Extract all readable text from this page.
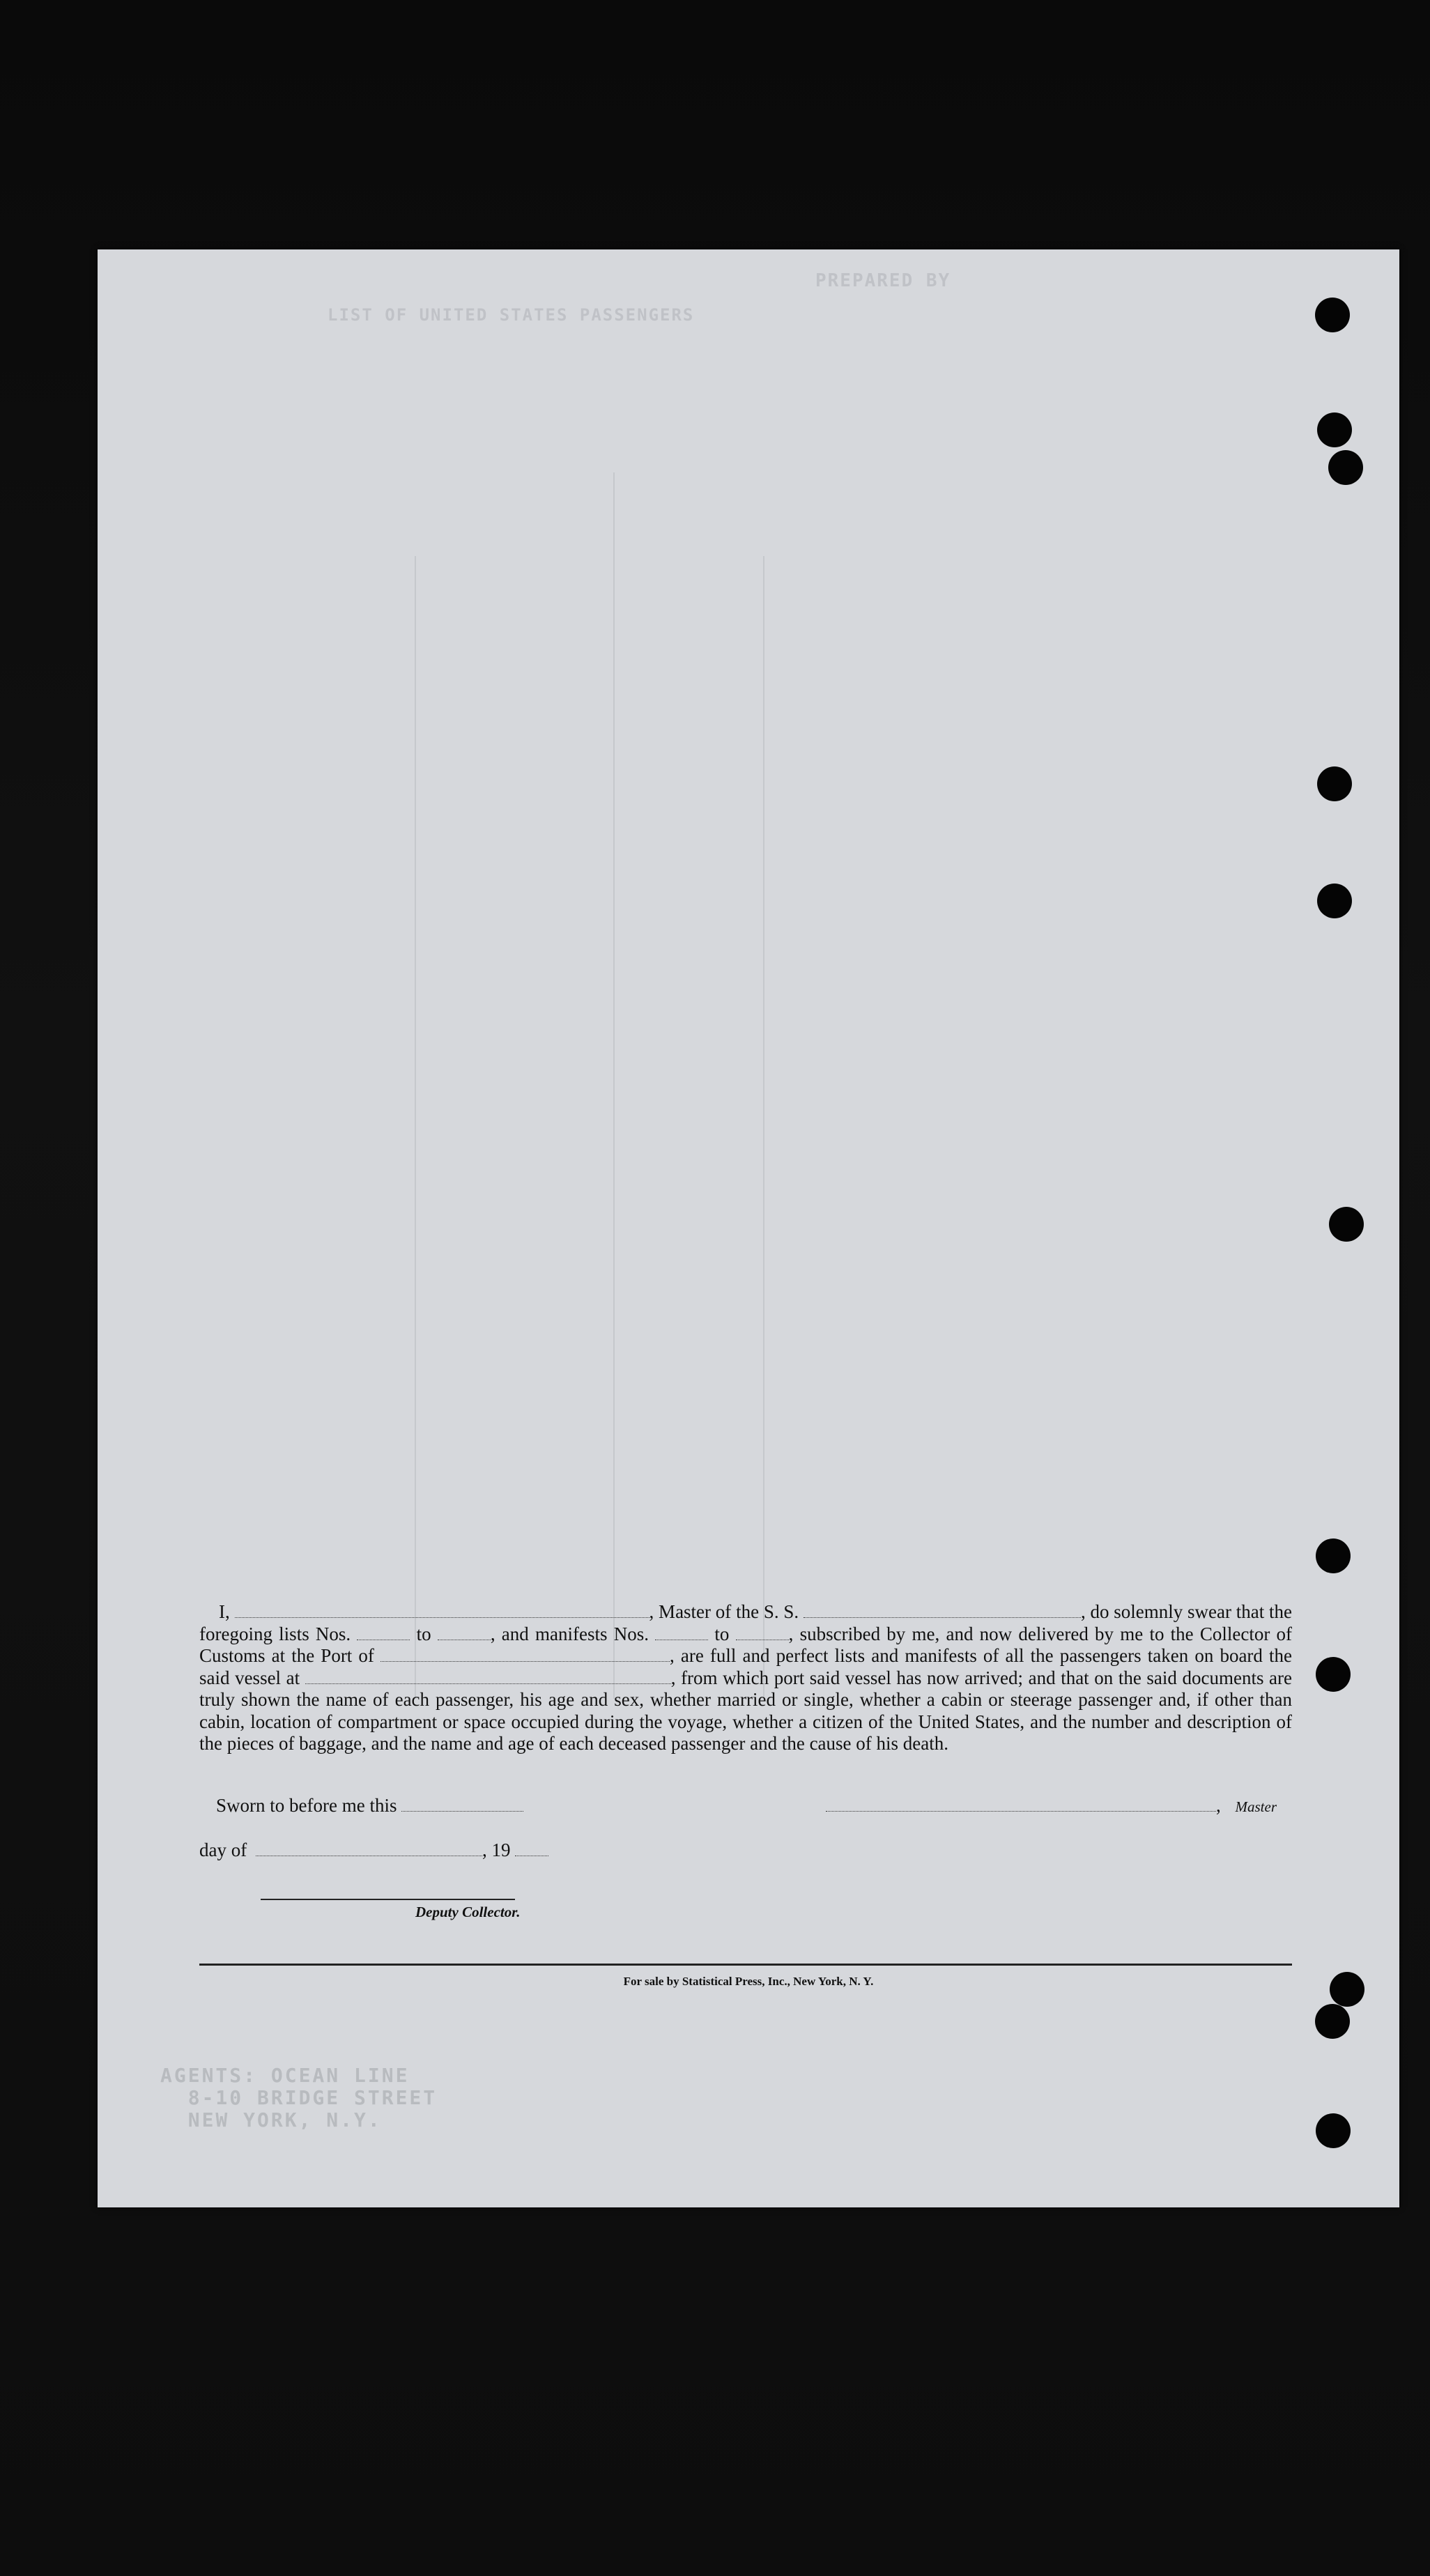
PREPARED BY
LIST OF UNITED STATES PASSENGERS
I,	, Master of the S. S.	, do solemnly swear that the foregoing lists Nos.	to	, and manifests Nos.	to	, subscribed by me, and now delivered by me to the Collector of Customs at the Port of	, are full and perfect lists and manifests of all the passengers taken on board the said vessel at	, from which port said vessel has now arrived; and that on the said documents are truly shown the name of each passenger, his age and sex, whether married or single, whether a cabin or steerage passenger and, if other than cabin, location of compartment or space occupied during the voyage, whether a citizen of the United States, and the number and description of the pieces of baggage, and the name and age of each deceased passenger and the cause of his death.
Sworn to before me this	, Master
day of	, 19
Deputy Collector.
For sale by Statistical Press, Inc., New York, N. Y.
AGENTS: OCEAN LINE
8-10 BRIDGE STREET
NEW YORK, N.Y.
